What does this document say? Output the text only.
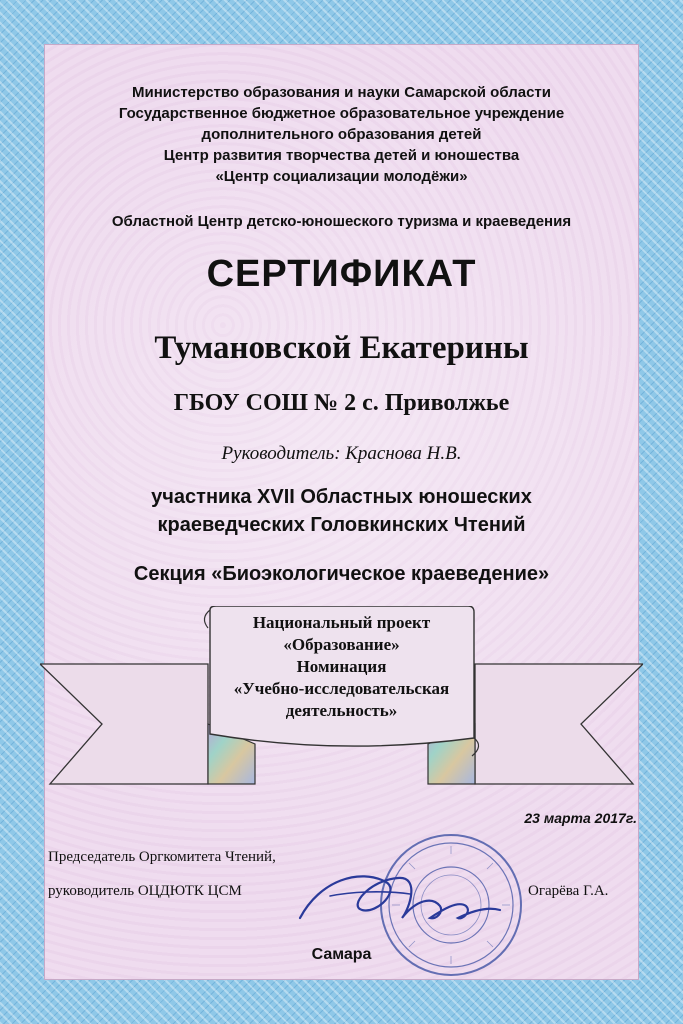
Министерство образования и науки Самарской области
Государственное бюджетное образовательное учреждение
дополнительного образования детей
Центр развития творчества детей и юношества
«Центр социализации молодёжи»
Областной Центр детско-юношеского туризма и краеведения
СЕРТИФИКАТ
Тумановской Екатерины
ГБОУ СОШ № 2 с. Приволжье
Руководитель: Краснова Н.В.
участника XVII Областных юношеских
краеведческих Головкинских Чтений
Секция «Биоэкологическое краеведение»
Национальный проект
«Образование»
Номинация
«Учебно-исследовательская
деятельность»
23 марта 2017г.
Председатель Оргкомитета Чтений,
руководитель ОЦДЮТК ЦСМ	Огарёва Г.А.
Самара
